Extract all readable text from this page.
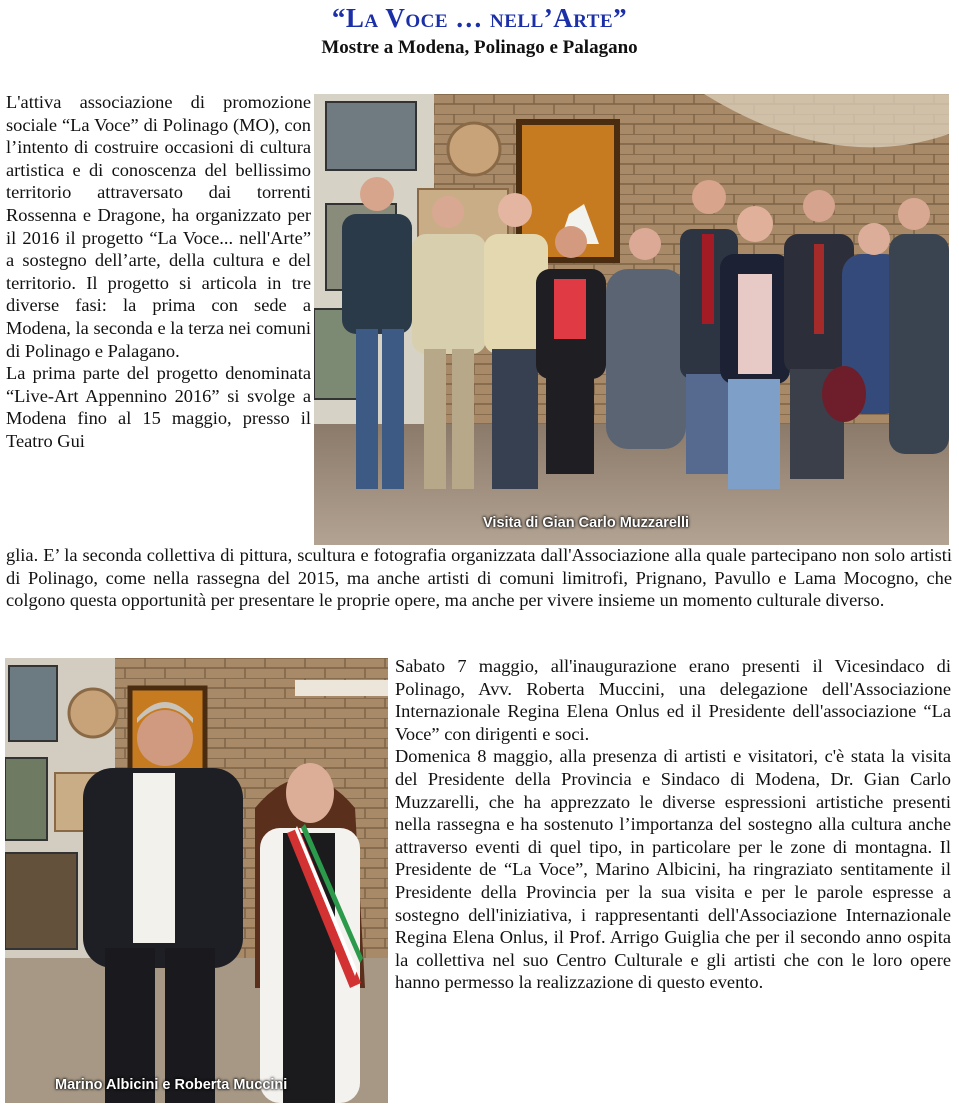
“La Voce … nell’Arte”
Mostre a Modena, Polinago e Palagano

L'attiva associazione di promozione sociale “La Voce” di Polinago (MO), con l’intento di costruire occasioni di cultura artistica e di conoscenza del bellissimo territorio attraversato dai torrenti Rossenna e Dragone, ha organizzato per il 2016 il progetto “La Voce... nell'Arte” a sostegno dell’arte, della cultura e del territorio. Il progetto si articola in tre diverse fasi: la prima con sede a Modena, la seconda e la terza nei comuni di Polinago e Palagano.

La prima parte del progetto denominata “Live-Art Appennino 2016” si svolge a Modena fino al 15 maggio, presso il Teatro Gui

Visita di Gian Carlo Muzzarelli

glia. E’ la seconda collettiva di pittura, scultura e fotografia organizzata dall'Associazione alla quale partecipano non solo artisti di Polinago, come nella rassegna del 2015, ma anche artisti di comuni limitrofi, Prignano, Pavullo e Lama Mocogno, che colgono questa opportunità per presentare le proprie opere, ma anche per vivere insieme un momento culturale diverso.

Marino Albicini e Roberta Muccini

Sabato 7 maggio, all'inaugurazione erano presenti il Vicesindaco di Polinago, Avv. Roberta Muccini, una delegazione dell'Associazione Internazionale Regina Elena Onlus ed il Presidente dell'associazione “La Voce” con dirigenti e soci.

Domenica 8 maggio, alla presenza di artisti e visitatori, c'è stata la visita del Presidente della Provincia e Sindaco di Modena, Dr. Gian Carlo Muzzarelli, che ha apprezzato le diverse espressioni artistiche presenti nella rassegna e ha sostenuto l’importanza del sostegno alla cultura anche attraverso eventi di quel tipo, in particolare per le zone di montagna. Il Presidente de “La Voce”, Marino Albicini, ha ringraziato sentitamente il Presidente della Provincia per la sua visita e per le parole espresse a sostegno dell'iniziativa, i rappresentanti dell'Associazione Internazionale Regina Elena Onlus, il Prof. Arrigo Guiglia che per il secondo anno ospita la collettiva nel suo Centro Culturale e gli artisti che con le loro opere hanno permesso la realizzazione di questo evento.
